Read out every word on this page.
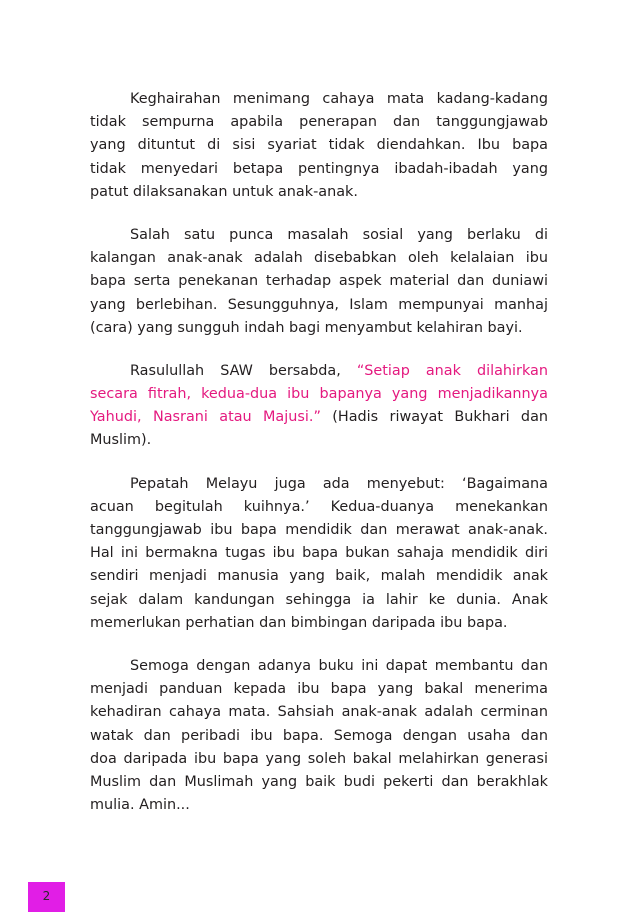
Keghairahan menimang cahaya mata kadang-kadang
tidak sempurna apabila penerapan dan tanggungjawab
yang dituntut di sisi syariat tidak diendahkan. Ibu bapa
tidak menyedari betapa pentingnya ibadah-ibadah yang
patut dilaksanakan untuk anak-anak.
Salah satu punca masalah sosial yang berlaku di
kalangan anak-anak adalah disebabkan oleh kelalaian ibu
bapa serta penekanan terhadap aspek material dan duniawi
yang berlebihan. Sesungguhnya, Islam mempunyai manhaj
(cara) yang sungguh indah bagi menyambut kelahiran bayi.
Rasulullah SAW bersabda, “Setiap anak dilahirkan
secara fitrah, kedua-dua ibu bapanya yang menjadikannya
Yahudi, Nasrani atau Majusi.” (Hadis riwayat Bukhari dan
Muslim).
Pepatah Melayu juga ada menyebut: ‘Bagaimana
acuan begitulah kuihnya.’ Kedua-duanya menekankan
tanggungjawab ibu bapa mendidik dan merawat anak-anak.
Hal ini bermakna tugas ibu bapa bukan sahaja mendidik diri
sendiri menjadi manusia yang baik, malah mendidik anak
sejak dalam kandungan sehingga ia lahir ke dunia. Anak
memerlukan perhatian dan bimbingan daripada ibu bapa.
Semoga dengan adanya buku ini dapat membantu dan
menjadi panduan kepada ibu bapa yang bakal menerima
kehadiran cahaya mata. Sahsiah anak-anak adalah cerminan
watak dan peribadi ibu bapa. Semoga dengan usaha dan
doa daripada ibu bapa yang soleh bakal melahirkan generasi
Muslim dan Muslimah yang baik budi pekerti dan berakhlak
mulia. Amin...
2
